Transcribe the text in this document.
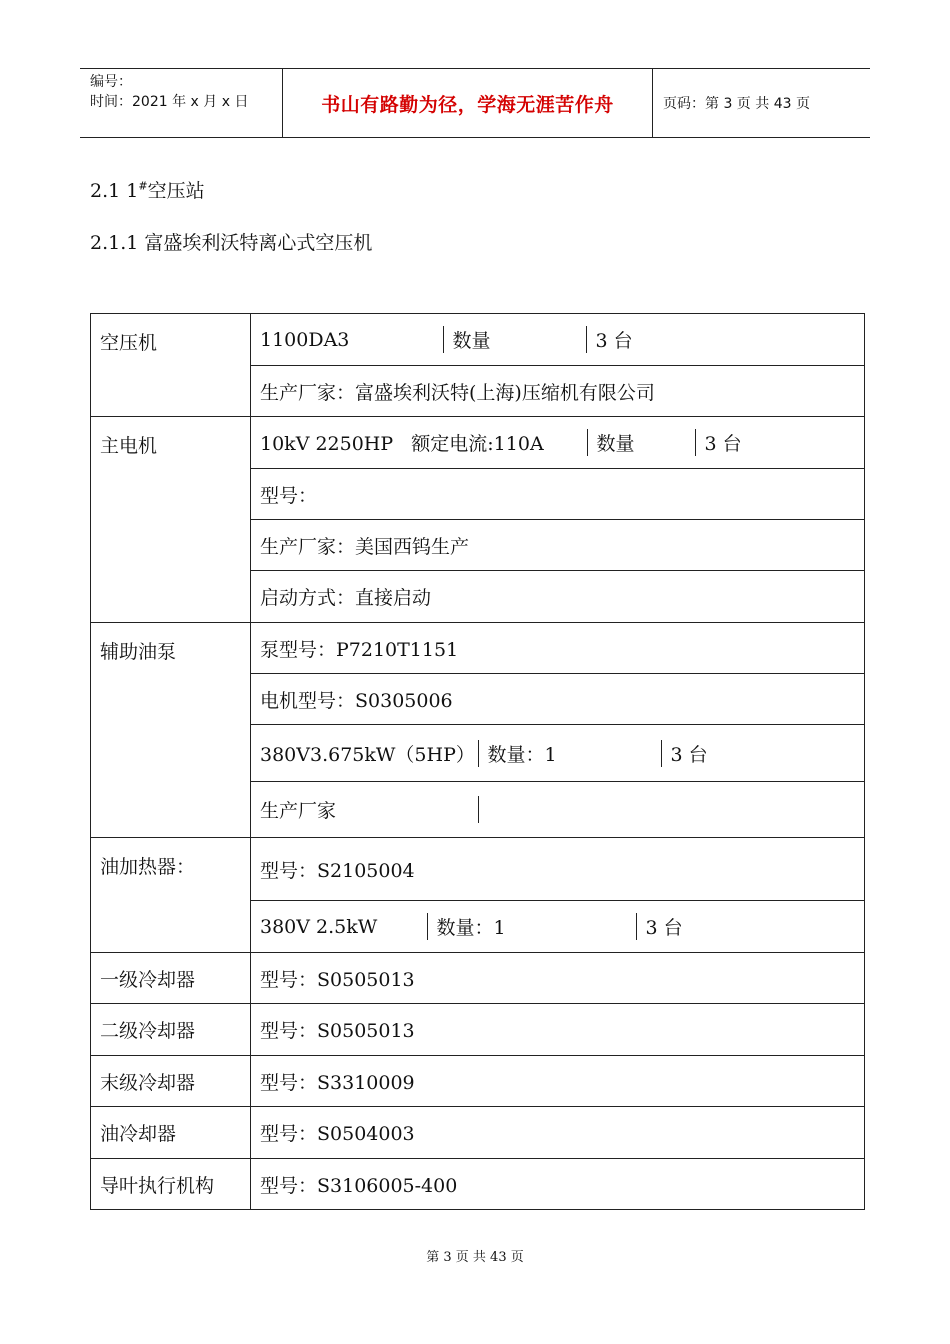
编号：
时间：2021 年 x 月 x 日	书山有路勤为径，学海无涯苦作舟	页码：第 3 页 共 43 页
2.1 1#空压站
2.1.1 富盛埃利沃特离心式空压机
空压机		1100DA3	数量	3 台

生产厂家：富盛埃利沃特(上海)压缩机有限公司
主电机		10kV 2250HP   额定电流:110A	数量	3 台

型号：
生产厂家：美国西钨生产
启动方式：直接启动
辅助油泵	泵型号：P7210T1151
电机型号：S0305006

380V3.675kW（5HP）	数量：1	3 台

生产厂家	

油加热器：	型号：S2105004

380V 2.5kW	数量：1	3 台

一级冷却器	型号：S0505013
二级冷却器	型号：S0505013
末级冷却器	型号：S3310009
油冷却器	型号：S0504003
导叶执行机构	型号：S3106005-400
第 3 页 共 43 页
